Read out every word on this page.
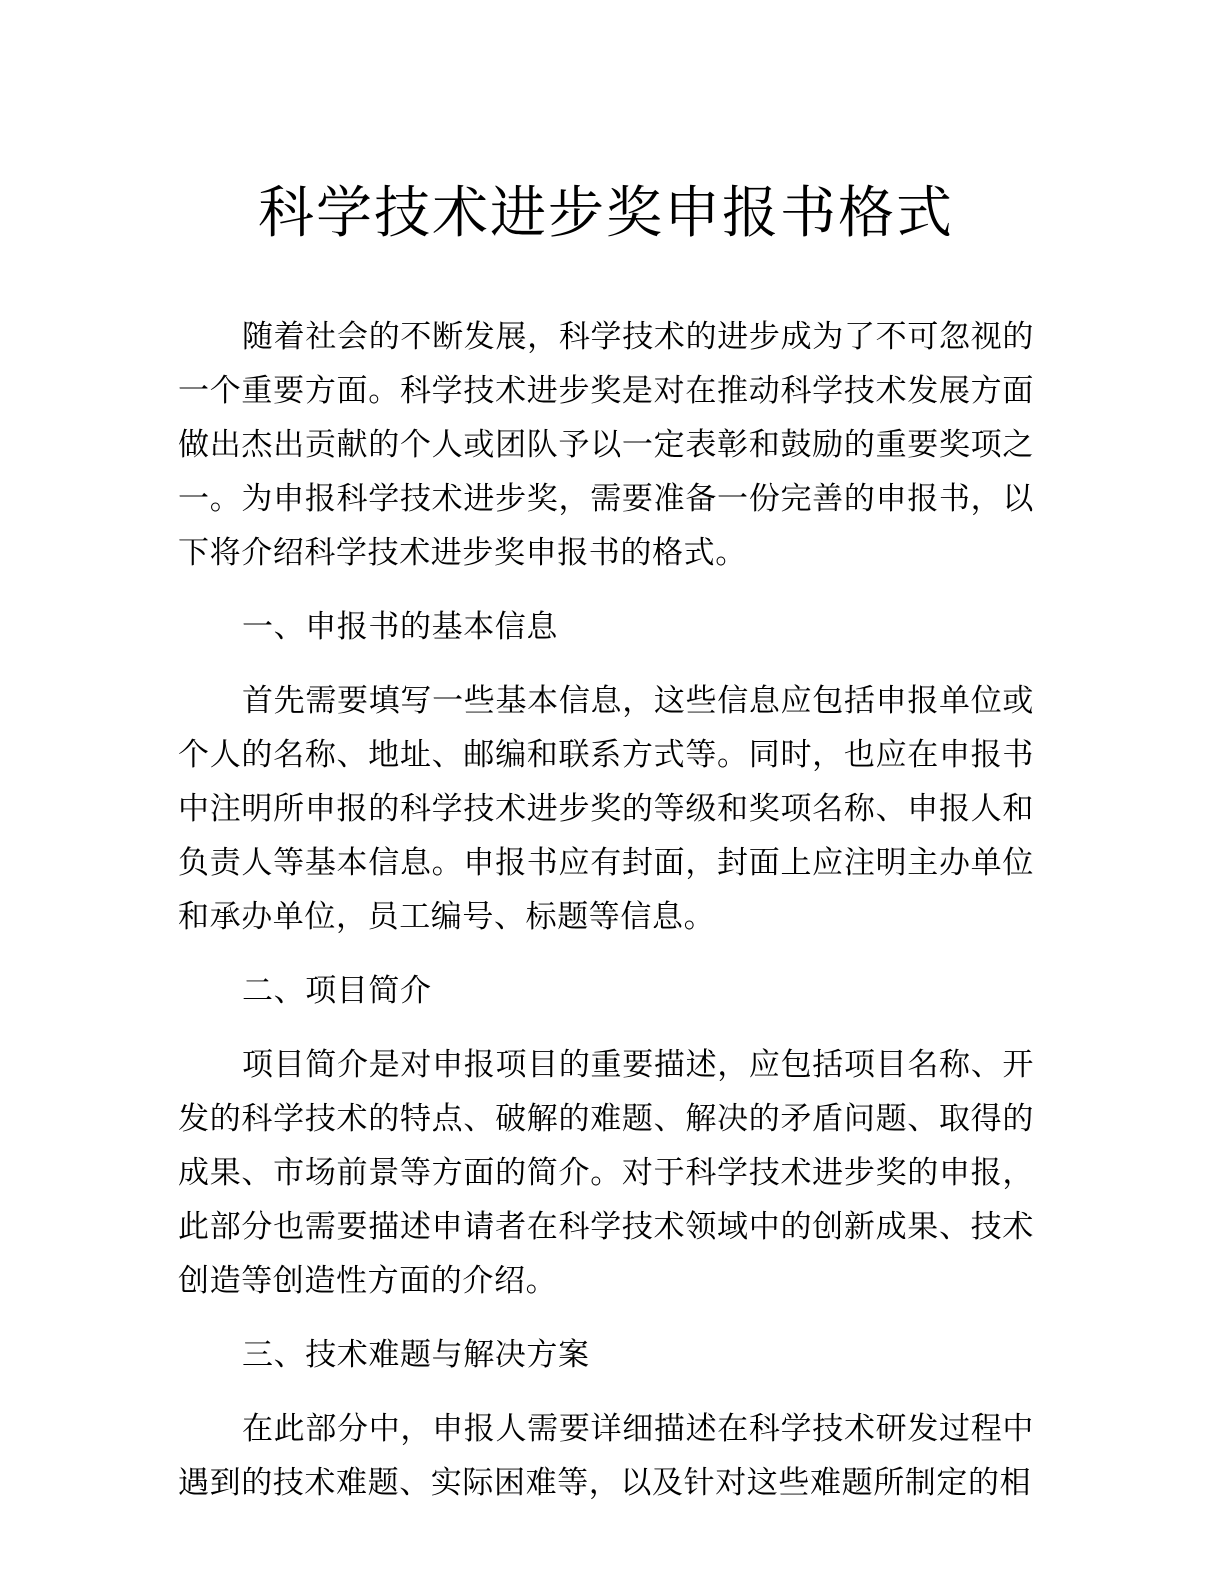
科学技术进步奖申报书格式

随着社会的不断发展，科学技术的进步成为了不可忽视的一个重要方面。科学技术进步奖是对在推动科学技术发展方面做出杰出贡献的个人或团队予以一定表彰和鼓励的重要奖项之一。为申报科学技术进步奖，需要准备一份完善的申报书，以下将介绍科学技术进步奖申报书的格式。

一、申报书的基本信息

首先需要填写一些基本信息，这些信息应包括申报单位或个人的名称、地址、邮编和联系方式等。同时，也应在申报书中注明所申报的科学技术进步奖的等级和奖项名称、申报人和负责人等基本信息。申报书应有封面，封面上应注明主办单位和承办单位，员工编号、标题等信息。

二、项目简介

项目简介是对申报项目的重要描述，应包括项目名称、开发的科学技术的特点、破解的难题、解决的矛盾问题、取得的成果、市场前景等方面的简介。对于科学技术进步奖的申报，此部分也需要描述申请者在科学技术领域中的创新成果、技术创造等创造性方面的介绍。

三、技术难题与解决方案

在此部分中，申报人需要详细描述在科学技术研发过程中遇到的技术难题、实际困难等，以及针对这些难题所制定的相
